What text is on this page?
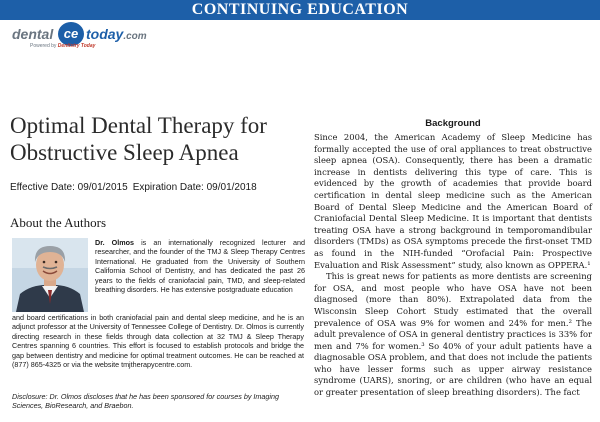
CONTINUING EDUCATION
dental ce today.com
Powered by Dentistry Today
Optimal Dental Therapy for Obstructive Sleep Apnea
Effective Date: 09/01/2015 Expiration Date: 09/01/2018
About the Authors

Dr. Olmos is an internationally recognized lecturer and researcher, and the founder of the TMJ & Sleep Therapy Centres International. He graduated from the University of Southern California School of Dentistry, and has dedicated the past 26 years to the fields of craniofacial pain, TMD, and sleep-related breathing disorders. He has extensive postgraduate education

and board certifications in both craniofacial pain and dental sleep medicine, and he is an adjunct professor at the University of Tennessee College of Dentistry. Dr. Olmos is currently directing research in these fields through data collection at 32 TMJ & Sleep Therapy Centres spanning 6 countries. This effort is focused to establish protocols and bridge the gap between dentistry and medicine for optimal treatment outcomes. He can be reached at (877) 865-4325 or via the website tmjtherapycentre.com.

Disclosure: Dr. Olmos discloses that he has been sponsored for courses by Imaging Sciences, BioResearch, and Braebon.

Background

Since 2004, the American Academy of Sleep Medicine has formally accepted the use of oral appliances to treat obstructive sleep apnea (OSA). Consequently, there has been a dramatic increase in dentists delivering this type of care. This is evidenced by the growth of academies that provide board certification in dental sleep medicine such as the American Board of Dental Sleep Medicine and the American Board of Craniofacial Dental Sleep Medicine. It is important that dentists treating OSA have a strong background in temporomandibular disorders (TMDs) as OSA symptoms precede the first-onset TMD as found in the NIH-funded “Orofacial Pain: Prospective Evaluation and Risk Assessment” study, also known as OPPERA.¹

This is great news for patients as more dentists are screening for OSA, and most people who have OSA have not been diagnosed (more than 80%). Extrapolated data from the Wisconsin Sleep Cohort Study estimated that the overall prevalence of OSA was 9% for women and 24% for men.² The adult prevalence of OSA in general dentistry practices is 33% for men and 7% for women.³ So 40% of your adult patients have a diagnosable OSA problem, and that does not include the patients who have lesser forms such as upper airway resistance syndrome (UARS), snoring, or are children (who have an equal or greater presentation of sleep breathing disorders). The fact
